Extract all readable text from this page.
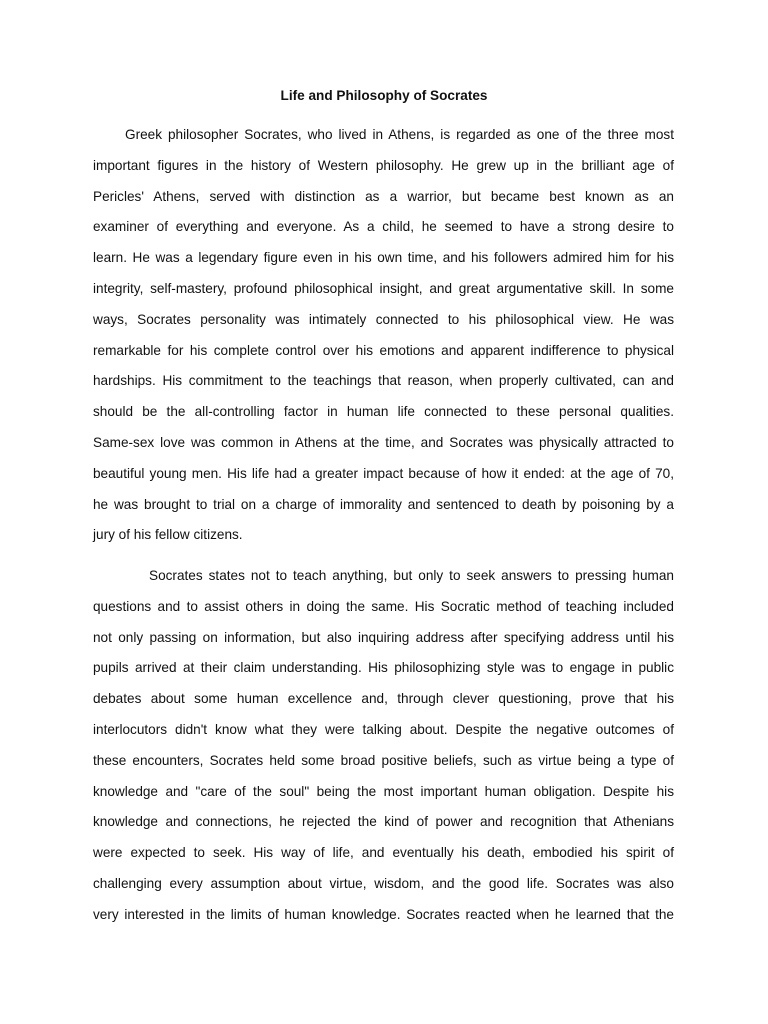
Life and Philosophy of Socrates
Greek philosopher Socrates, who lived in Athens, is regarded as one of the three most
important figures in the history of Western philosophy. He grew up in the brilliant age of
Pericles' Athens, served with distinction as a warrior, but became best known as an
examiner of everything and everyone. As a child, he seemed to have a strong desire to
learn. He was a legendary figure even in his own time, and his followers admired him for his
integrity, self-mastery, profound philosophical insight, and great argumentative skill. In some
ways, Socrates personality was intimately connected to his philosophical view. He was
remarkable for his complete control over his emotions and apparent indifference to physical
hardships. His commitment to the teachings that reason, when properly cultivated, can and
should be the all-controlling factor in human life connected to these personal qualities.
Same-sex love was common in Athens at the time, and Socrates was physically attracted to
beautiful young men. His life had a greater impact because of how it ended: at the age of 70,
he was brought to trial on a charge of immorality and sentenced to death by poisoning by a
jury of his fellow citizens.
Socrates states not to teach anything, but only to seek answers to pressing human
questions and to assist others in doing the same. His Socratic method of teaching included
not only passing on information, but also inquiring address after specifying address until his
pupils arrived at their claim understanding. His philosophizing style was to engage in public
debates about some human excellence and, through clever questioning, prove that his
interlocutors didn't know what they were talking about. Despite the negative outcomes of
these encounters, Socrates held some broad positive beliefs, such as virtue being a type of
knowledge and "care of the soul" being the most important human obligation. Despite his
knowledge and connections, he rejected the kind of power and recognition that Athenians
were expected to seek. His way of life, and eventually his death, embodied his spirit of
challenging every assumption about virtue, wisdom, and the good life. Socrates was also
very interested in the limits of human knowledge. Socrates reacted when he learned that the
